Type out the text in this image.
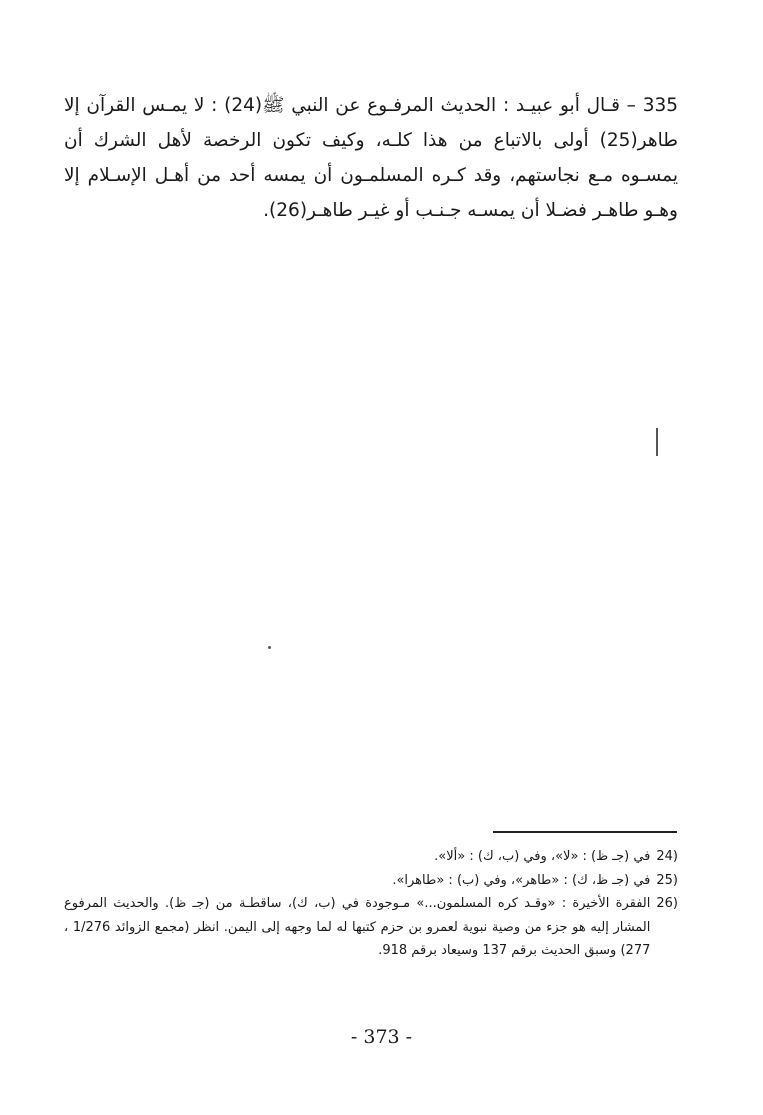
335 – قـال أبو عبيـد : الحديث المرفـوع عن النبي ﷺ(24) : لا يمـس القرآن إلا طاهر(25) أولى بالاتباع من هذا كلـه، وكيف تكون الرخصة لأهل الشرك أن يمسـوه مـع نجاستهم، وقد كـره المسلمـون أن يمسه أحد من أهـل الإسـلام إلا وهـو طاهـر فضـلا أن يمسـه جـنـب أو غيـر طاهـر(26).

(24
في (جـ ظ) : «لا»، وفي (ب، ك) : «ألا».
(25
في (جـ ظ، ك) : «طاهر»، وفي (ب) : «طاهرا».
(26
الفقرة الأخيرة : «وقـد كره المسلمون...» مـوجودة في (ب، ك)، ساقطـة من (جـ ظ). والحديث المرفوع المشار إليه هو جزء من وصية نبوية لعمرو بن حزم كتبها له لما وجهه إلى اليمن. انظر (مجمع الزوائد 1/276 ، 277) وسبق الحديث برقم 137 وسيعاد برقم 918.
- 373 -
